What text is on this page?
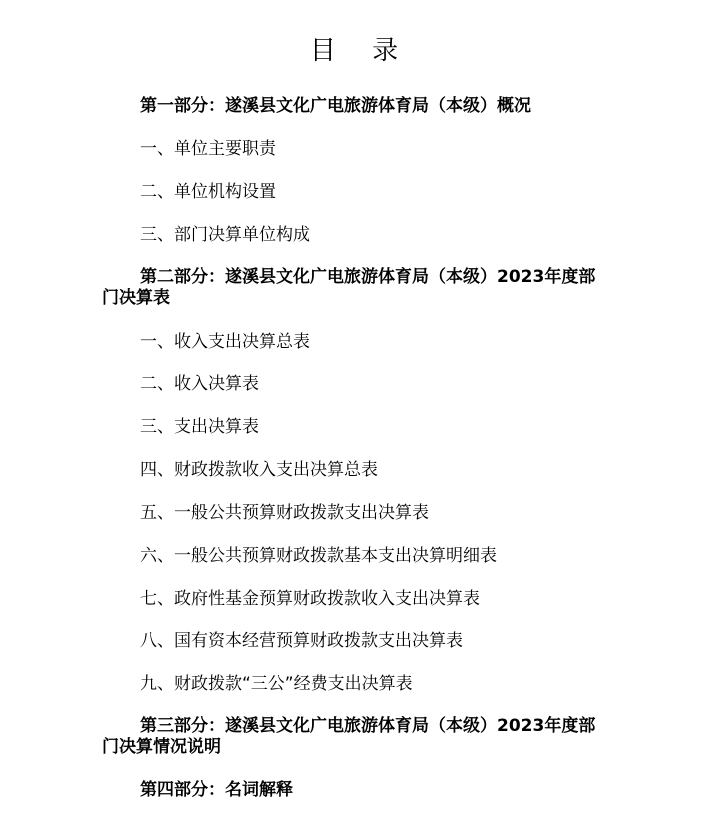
目 录
第一部分：遂溪县文化广电旅游体育局（本级）概况
一、单位主要职责
二、单位机构设置
三、部门决算单位构成
第二部分：遂溪县文化广电旅游体育局（本级）2023年度部门决算表
一、收入支出决算总表
二、收入决算表
三、支出决算表
四、财政拨款收入支出决算总表
五、一般公共预算财政拨款支出决算表
六、一般公共预算财政拨款基本支出决算明细表
七、政府性基金预算财政拨款收入支出决算表
八、国有资本经营预算财政拨款支出决算表
九、财政拨款“三公”经费支出决算表
第三部分：遂溪县文化广电旅游体育局（本级）2023年度部门决算情况说明
第四部分：名词解释
